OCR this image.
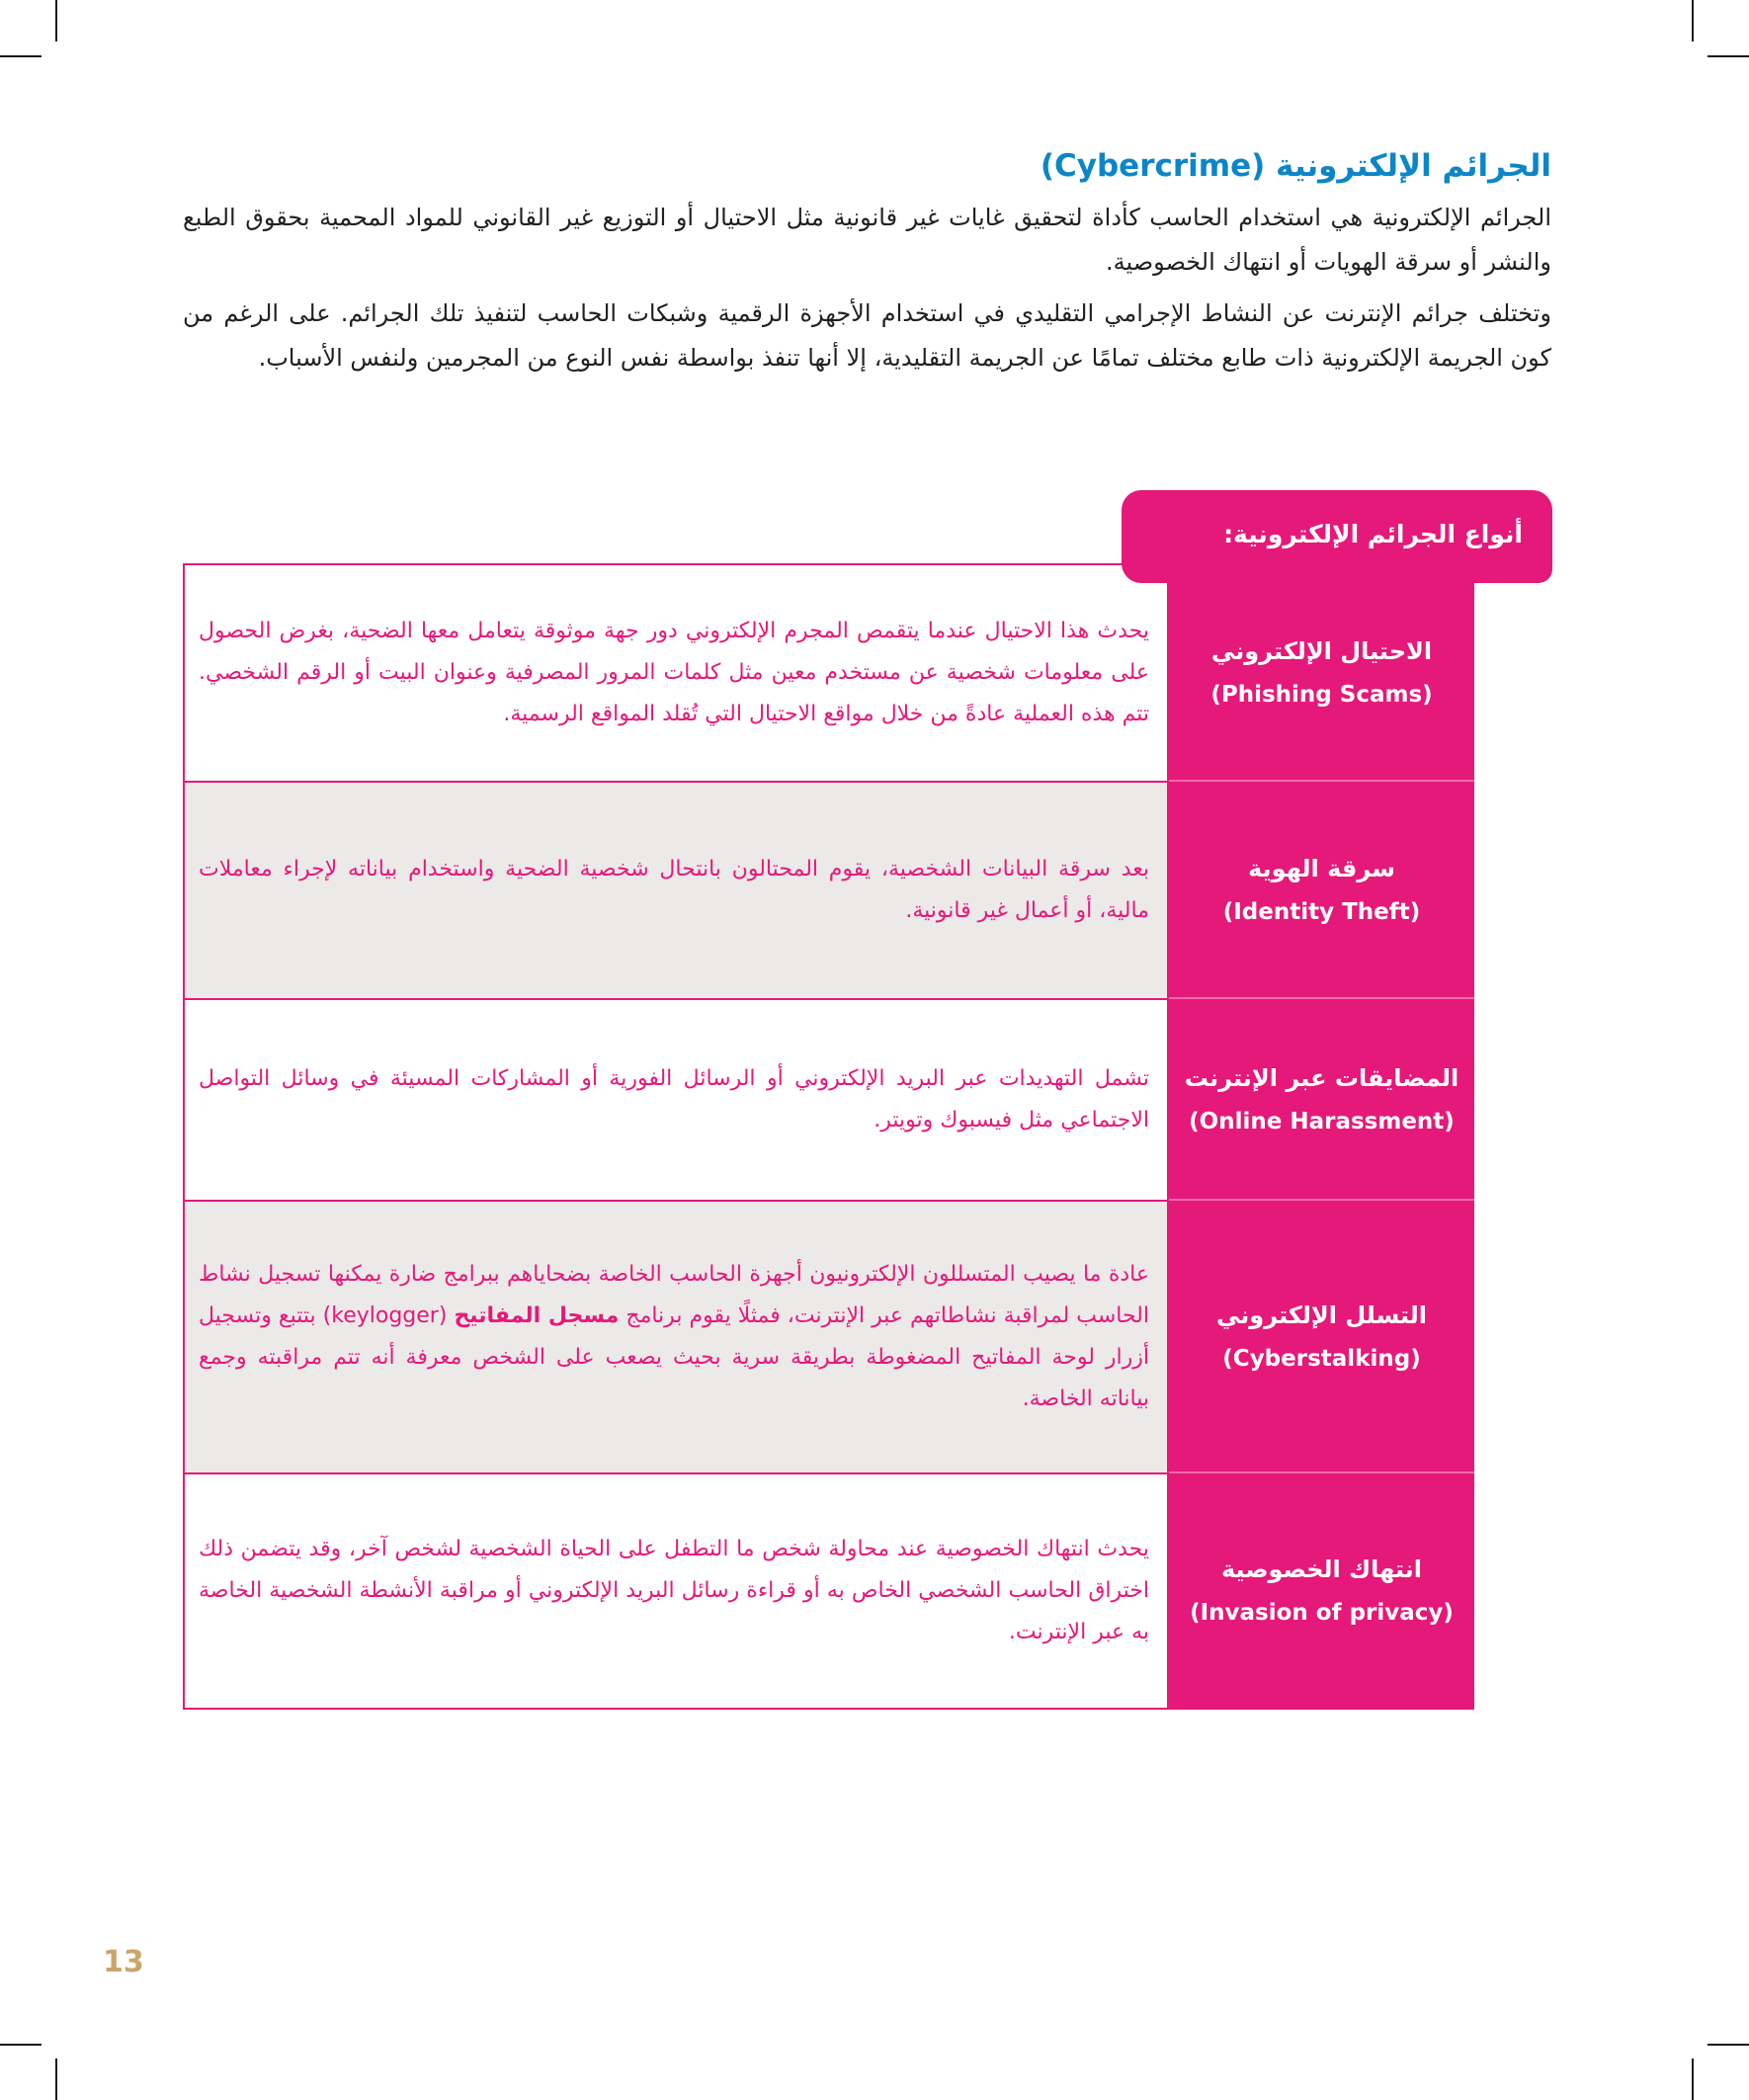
الجرائم الإلكترونية (Cybercrime)

الجرائم الإلكترونية هي استخدام الحاسب كأداة لتحقيق غايات غير قانونية مثل الاحتيال أو التوزيع غير القانوني للمواد المحمية بحقوق الطبع والنشر أو سرقة الهويات أو انتهاك الخصوصية.

وتختلف جرائم الإنترنت عن النشاط الإجرامي التقليدي في استخدام الأجهزة الرقمية وشبكات الحاسب لتنفيذ تلك الجرائم. على الرغم من كون الجريمة الإلكترونية ذات طابع مختلف تمامًا عن الجريمة التقليدية، إلا أنها تنفذ بواسطة نفس النوع من المجرمين ولنفس الأسباب.

أنواع الجرائم الإلكترونية:

يحدث هذا الاحتيال عندما يتقمص المجرم الإلكتروني دور جهة موثوقة يتعامل معها الضحية، بغرض الحصول على معلومات شخصية عن مستخدم معين مثل كلمات المرور المصرفية وعنوان البيت أو الرقم الشخصي. تتم هذه العملية عادةً من خلال مواقع الاحتيال التي تُقلد المواقع الرسمية.

الاحتيال الإلكتروني
(Phishing Scams)

بعد سرقة البيانات الشخصية، يقوم المحتالون بانتحال شخصية الضحية واستخدام بياناته لإجراء معاملات مالية، أو أعمال غير قانونية.

سرقة الهوية
(Identity Theft)

تشمل التهديدات عبر البريد الإلكتروني أو الرسائل الفورية أو المشاركات المسيئة في وسائل التواصل الاجتماعي مثل فيسبوك وتويتر.

المضايقات عبر الإنترنت
(Online Harassment)

عادة ما يصيب المتسللون الإلكترونيون أجهزة الحاسب الخاصة بضحاياهم ببرامج ضارة يمكنها تسجيل نشاط الحاسب لمراقبة نشاطاتهم عبر الإنترنت، فمثلًا يقوم برنامج مسجل المفاتيح (keylogger) بتتبع وتسجيل أزرار لوحة المفاتيح المضغوطة بطريقة سرية بحيث يصعب على الشخص معرفة أنه تتم مراقبته وجمع بياناته الخاصة.

التسلل الإلكتروني
(Cyberstalking)

يحدث انتهاك الخصوصية عند محاولة شخص ما التطفل على الحياة الشخصية لشخص آخر، وقد يتضمن ذلك اختراق الحاسب الشخصي الخاص به أو قراءة رسائل البريد الإلكتروني أو مراقبة الأنشطة الشخصية الخاصة به عبر الإنترنت.

انتهاك الخصوصية
(Invasion of privacy)
13
